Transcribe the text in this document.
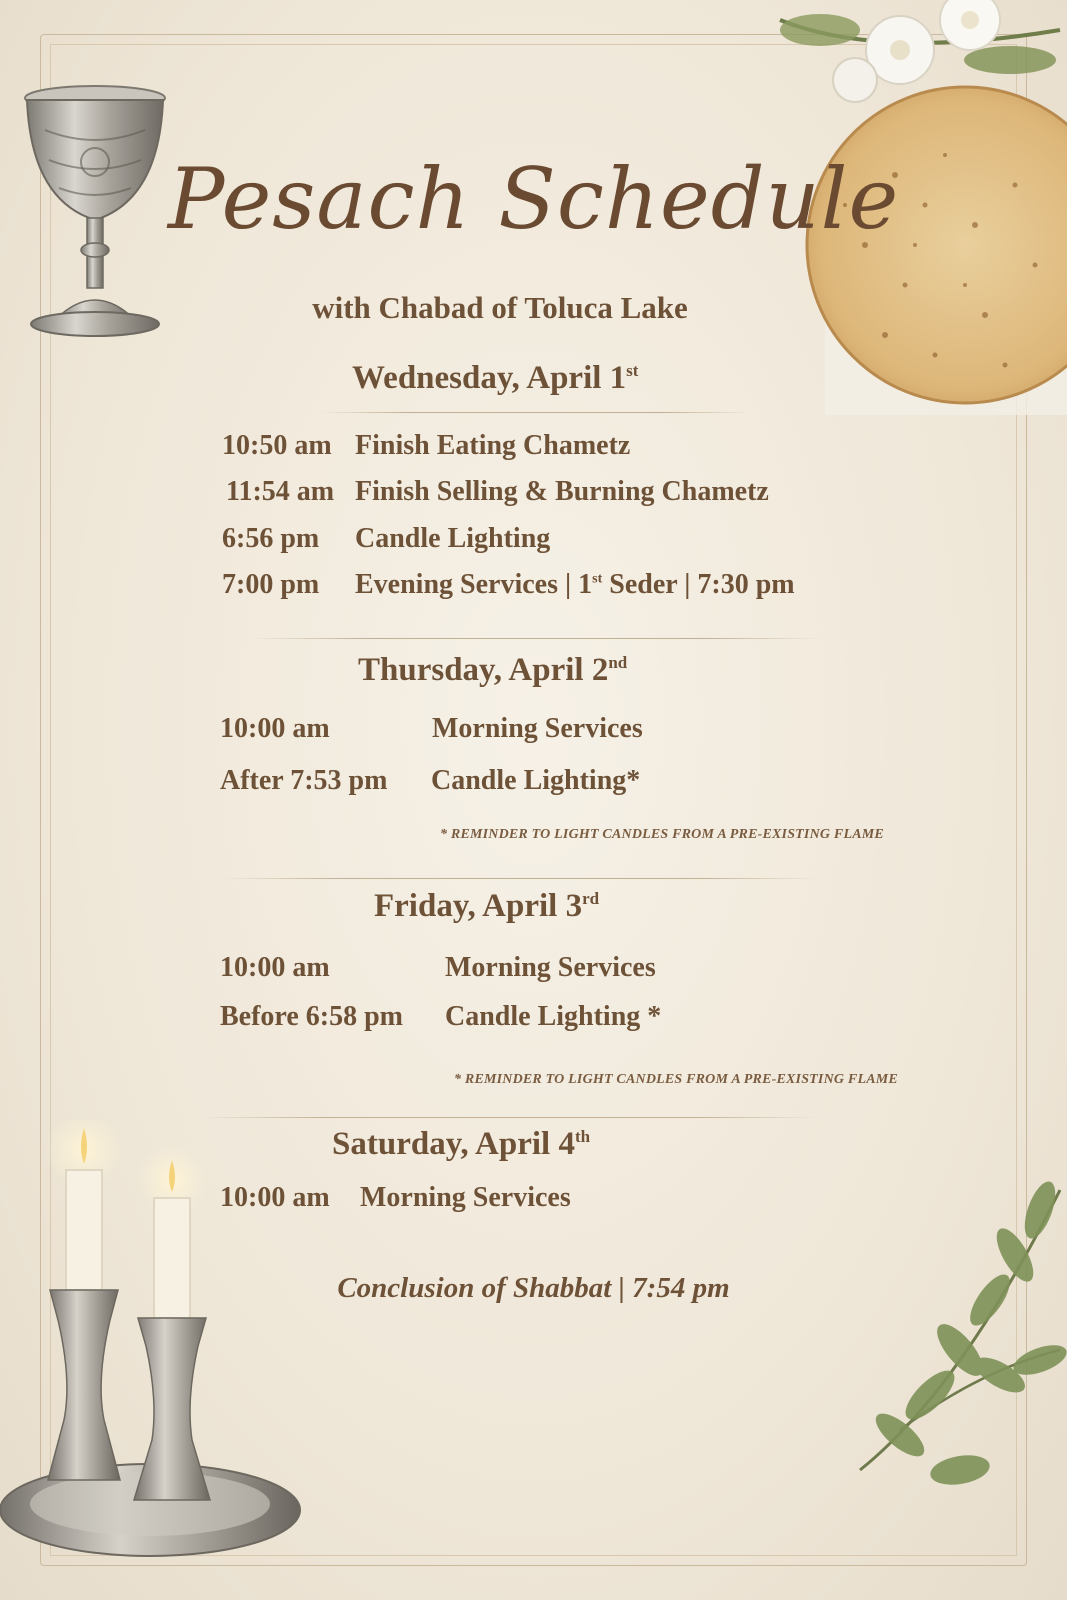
Pesach Schedule
with Chabad of Toluca Lake
Wednesday, April 1st
10:50 am Finish Eating Chametz
11:54 am Finish Selling & Burning Chametz
6:56 pm Candle Lighting
7:00 pm Evening Services | 1st Seder | 7:30 pm
Thursday, April 2nd
10:00 am	Morning Services
After 7:53 pm Candle Lighting*
* REMINDER TO LIGHT CANDLES FROM A PRE-EXISTING FLAME
Friday, April 3rd
10:00 am	Morning Services
Before 6:58 pm Candle Lighting *
* REMINDER TO LIGHT CANDLES FROM A PRE-EXISTING FLAME
Saturday, April 4th
10:00 am Morning Services
Conclusion of Shabbat | 7:54 pm
